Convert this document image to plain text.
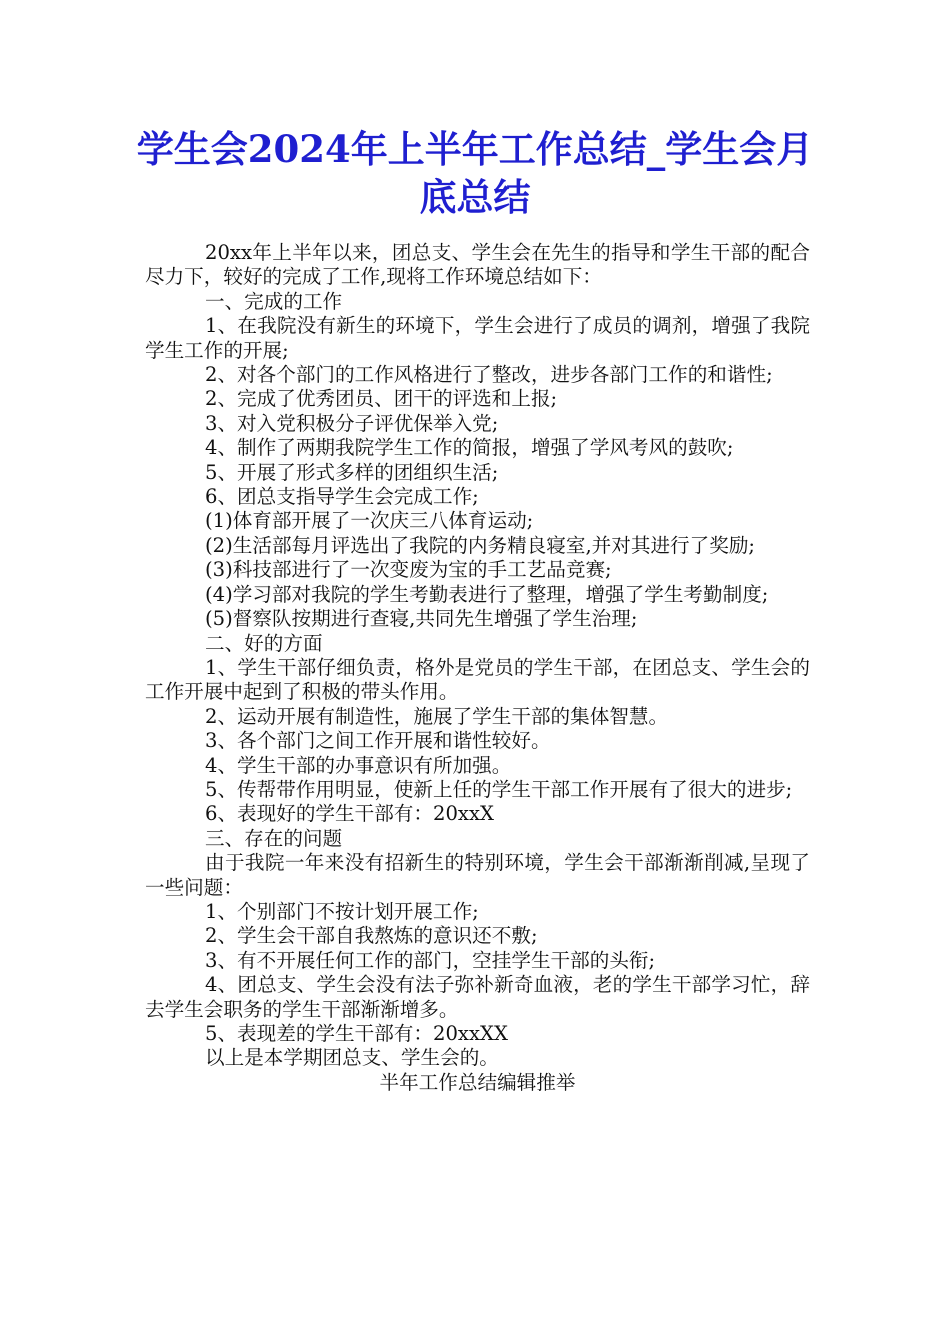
学生会2024年上半年工作总结_学生会月底总结

20xx年上半年以来，团总支、学生会在先生的指导和学生干部的配合尽力下，较好的完成了工作,现将工作环境总结如下：

一、完成的工作

1、在我院没有新生的环境下，学生会进行了成员的调剂，增强了我院学生工作的开展;

2、对各个部门的工作风格进行了整改，进步各部门工作的和谐性;

2、完成了优秀团员、团干的评选和上报;

3、对入党积极分子评优保举入党;

4、制作了两期我院学生工作的简报，增强了学风考风的鼓吹;

5、开展了形式多样的团组织生活;

6、团总支指导学生会完成工作;

(1)体育部开展了一次庆三八体育运动;

(2)生活部每月评选出了我院的内务精良寝室,并对其进行了奖励;

(3)科技部进行了一次变废为宝的手工艺品竞赛;

(4)学习部对我院的学生考勤表进行了整理，增强了学生考勤制度;

(5)督察队按期进行查寝,共同先生增强了学生治理;

二、好的方面

1、学生干部仔细负责，格外是党员的学生干部，在团总支、学生会的工作开展中起到了积极的带头作用。

2、运动开展有制造性，施展了学生干部的集体智慧。

3、各个部门之间工作开展和谐性较好。

4、学生干部的办事意识有所加强。

5、传帮带作用明显，使新上任的学生干部工作开展有了很大的进步;

6、表现好的学生干部有：20xxX

三、存在的问题

由于我院一年来没有招新生的特别环境，学生会干部渐渐削减,呈现了一些问题：

1、个别部门不按计划开展工作;

2、学生会干部自我熬炼的意识还不敷;

3、有不开展任何工作的部门，空挂学生干部的头衔;

4、团总支、学生会没有法子弥补新奇血液，老的学生干部学习忙，辞去学生会职务的学生干部渐渐增多。

5、表现差的学生干部有：20xxXX

以上是本学期团总支、学生会的。

半年工作总结编辑推举
